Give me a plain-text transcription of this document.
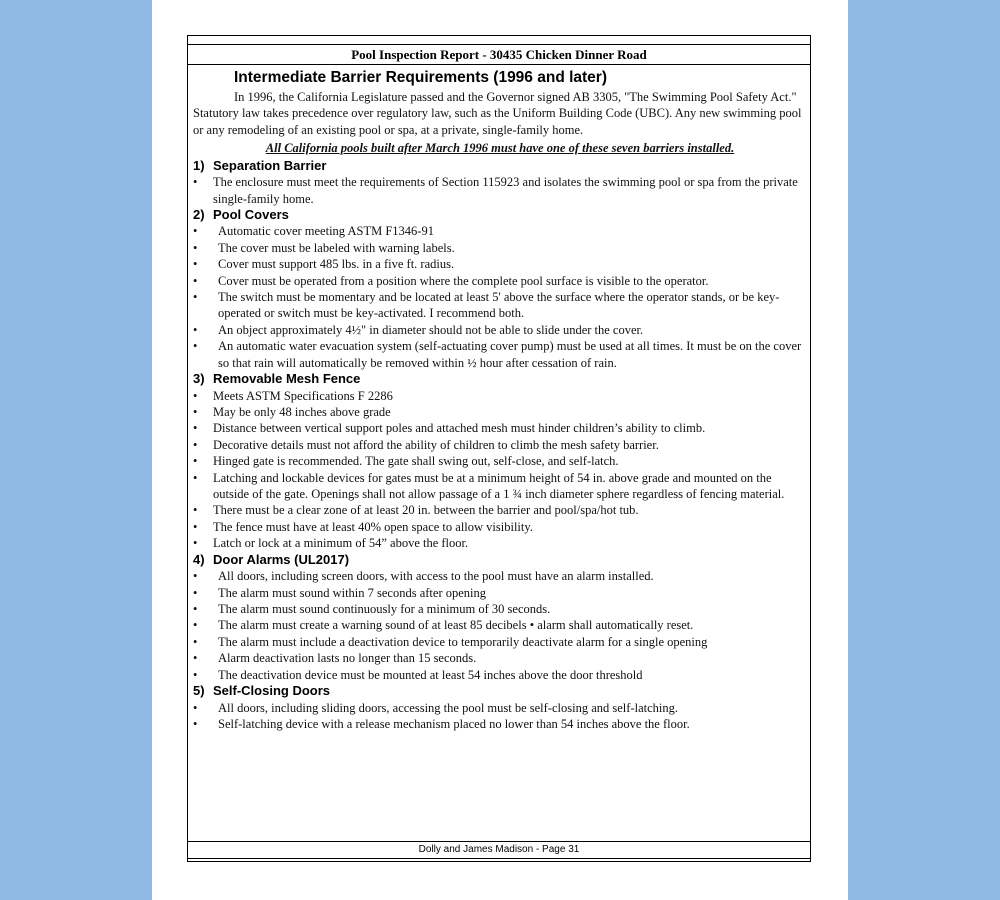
Pool Inspection Report - 30435 Chicken Dinner Road
Intermediate Barrier Requirements (1996 and later)
In 1996, the California Legislature passed and the Governor signed AB 3305, "The Swimming Pool Safety Act." Statutory law takes precedence over regulatory law, such as the Uniform Building Code (UBC). Any new swimming pool or any remodeling of an existing pool or spa, at a private, single-family home.
All California pools built after March 1996 must have one of these seven barriers installed.
1) Separation Barrier
• The enclosure must meet the requirements of Section 115923 and isolates the swimming pool or spa from the private single-family home.
2) Pool Covers
• Automatic cover meeting ASTM F1346-91
• The cover must be labeled with warning labels.
• Cover must support 485 lbs. in a five ft. radius.
• Cover must be operated from a position where the complete pool surface is visible to the operator.
• The switch must be momentary and be located at least 5' above the surface where the operator stands, or be key-operated or switch must be key-activated. I recommend both.
• An object approximately 4½" in diameter should not be able to slide under the cover.
• An automatic water evacuation system (self-actuating cover pump) must be used at all times. It must be on the cover so that rain will automatically be removed within ½ hour after cessation of rain.
3) Removable Mesh Fence
• Meets ASTM Specifications F 2286
• May be only 48 inches above grade
• Distance between vertical support poles and attached mesh must hinder children’s ability to climb.
• Decorative details must not afford the ability of children to climb the mesh safety barrier.
• Hinged gate is recommended. The gate shall swing out, self-close, and self-latch.
• Latching and lockable devices for gates must be at a minimum height of 54 in. above grade and mounted on the outside of the gate. Openings shall not allow passage of a 1 ¾ inch diameter sphere regardless of fencing material.
• There must be a clear zone of at least 20 in. between the barrier and pool/spa/hot tub.
• The fence must have at least 40% open space to allow visibility.
• Latch or lock at a minimum of 54” above the floor.
4) Door Alarms (UL2017)
• All doors, including screen doors, with access to the pool must have an alarm installed.
• The alarm must sound within 7 seconds after opening
• The alarm must sound continuously for a minimum of 30 seconds.
• The alarm must create a warning sound of at least 85 decibels • alarm shall automatically reset.
• The alarm must include a deactivation device to temporarily deactivate alarm for a single opening
• Alarm deactivation lasts no longer than 15 seconds.
• The deactivation device must be mounted at least 54 inches above the door threshold
5) Self-Closing Doors
• All doors, including sliding doors, accessing the pool must be self-closing and self-latching.
• Self-latching device with a release mechanism placed no lower than 54 inches above the floor.
Dolly and James Madison - Page 31
